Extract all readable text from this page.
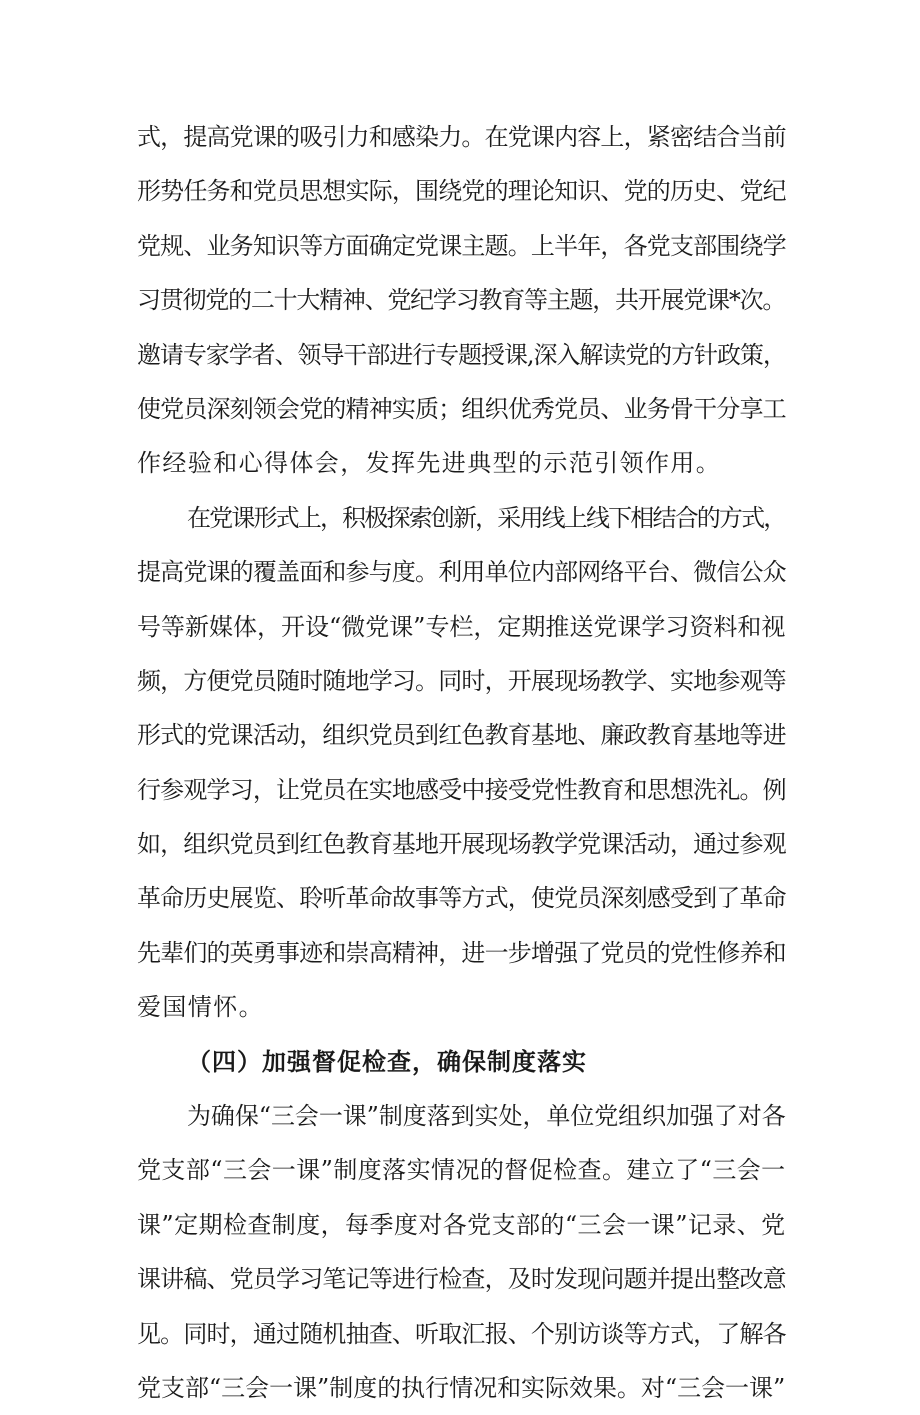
式，提高党课的吸引力和感染力。在党课内容上，紧密结合当前
形势任务和党员思想实际，围绕党的理论知识、党的历史、党纪
党规、业务知识等方面确定党课主题。上半年，各党支部围绕学
习贯彻党的二十大精神、党纪学习教育等主题，共开展党课*次。
邀请专家学者、领导干部进行专题授课,深入解读党的方针政策，
使党员深刻领会党的精神实质；组织优秀党员、业务骨干分享工
作经验和心得体会，发挥先进典型的示范引领作用。
在党课形式上，积极探索创新，采用线上线下相结合的方式，
提高党课的覆盖面和参与度。利用单位内部网络平台、微信公众
号等新媒体，开设“微党课”专栏，定期推送党课学习资料和视
频，方便党员随时随地学习。同时，开展现场教学、实地参观等
形式的党课活动，组织党员到红色教育基地、廉政教育基地等进
行参观学习，让党员在实地感受中接受党性教育和思想洗礼。例
如，组织党员到红色教育基地开展现场教学党课活动，通过参观
革命历史展览、聆听革命故事等方式，使党员深刻感受到了革命
先辈们的英勇事迹和崇高精神，进一步增强了党员的党性修养和
爱国情怀。
（四）加强督促检查，确保制度落实
为确保“三会一课”制度落到实处，单位党组织加强了对各
党支部“三会一课”制度落实情况的督促检查。建立了“三会一
课”定期检查制度，每季度对各党支部的“三会一课”记录、党
课讲稿、党员学习笔记等进行检查，及时发现问题并提出整改意
见。同时，通过随机抽查、听取汇报、个别访谈等方式，了解各
党支部“三会一课”制度的执行情况和实际效果。对“三会一课”
